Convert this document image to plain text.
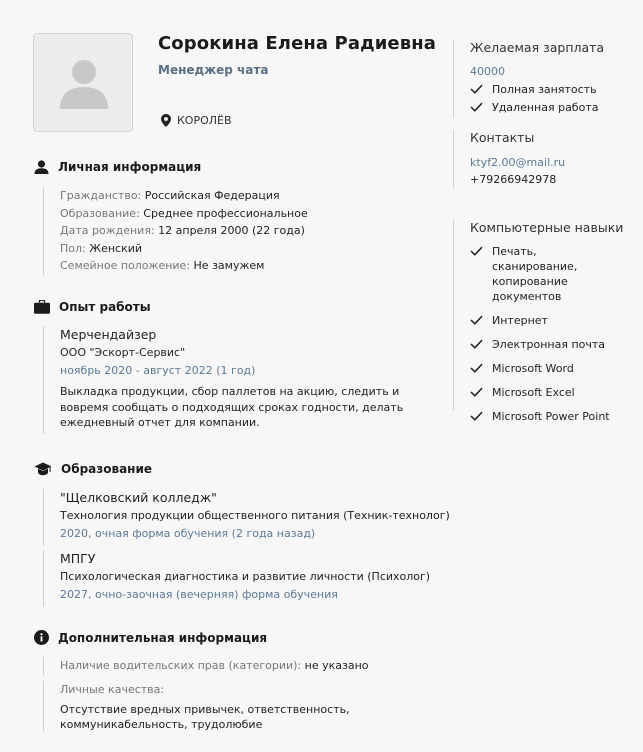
Сорокина Елена Радиевна
Менеджер чата
КОРОЛЁВ
Личная информация
Гражданство: Российская Федерация
Образование: Среднее профессиональное
Дата рождения: 12 апреля 2000 (22 года)
Пол: Женский
Семейное положение: Не замужем
Опыт работы
Мерчендайзер
ООО "Эскорт-Сервис"
ноябрь 2020 - август 2022 (1 год)
Выкладка продукции, сбор паллетов на акцию, следить и вовремя сообщать о подходящих сроках годности, делать ежедневный отчет для компании.
Образование
"Щелковский колледж"
Технология продукции общественного питания (Техник-технолог)
2020, очная форма обучения (2 года назад)
МПГУ
Психологическая диагностика и развитие личности (Психолог)
2027, очно-заочная (вечерняя) форма обучения
Дополнительная информация
Наличие водительских прав (категории): не указано
Личные качества:
Отсутствие вредных привычек, ответственность, коммуникабельность, трудолюбие
Желаемая зарплата
40000
Полная занятость
Удаленная работа
Контакты
ktyf2.00@mail.ru
+79266942978
Компьютерные навыки
Печать, сканирование, копирование документов
Интернет
Электронная почта
Microsoft Word
Microsoft Excel
Microsoft Power Point
